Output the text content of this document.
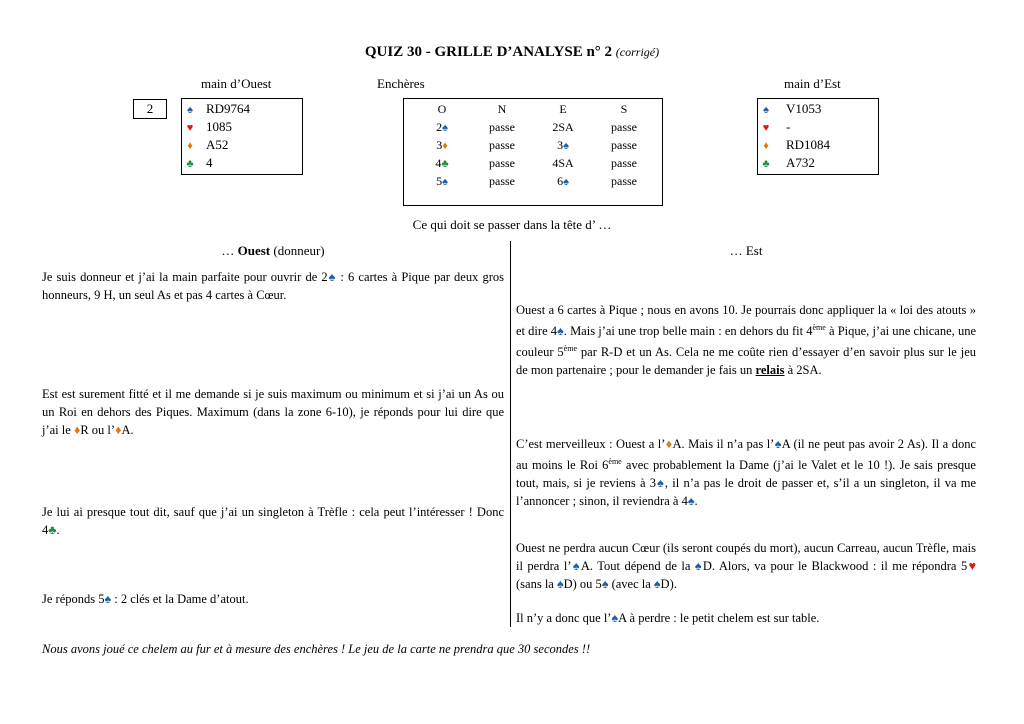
QUIZ 30 - GRILLE D’ANALYSE n° 2 (corrigé)
main d’Ouest
2	♠ RD9764
♥ 1085
♦ A52
♣ 4
Enchères
O	N	E	S
2♠	passe	2SA	passe
3♦	passe	3♠	passe
4♣	passe	4SA	passe
5♠	passe	6♠	passe
main d’Est
♠ V1053
♥ -
♦ RD1084
♣ A732
Ce qui doit se passer dans la tête d’ …
… Ouest (donneur)	… Est
Je suis donneur et j’ai la main parfaite pour ouvrir de 2♠ : 6 cartes à Pique par deux gros honneurs, 9 H, un seul As et pas 4 cartes à Cœur.
Est est surement fitté et il me demande si je suis maximum ou minimum et si j’ai un As ou un Roi en dehors des Piques. Maximum (dans la zone 6-10), je réponds pour lui dire que j’ai le ♦R ou l’♦A.
Je lui ai presque tout dit, sauf que j’ai un singleton à Trèfle : cela peut l’intéresser ! Donc 4♣.
Je réponds 5♠ : 2 clés et la Dame d’atout.
Ouest a 6 cartes à Pique ; nous en avons 10. Je pourrais donc appliquer la « loi des atouts » et dire 4♠. Mais j’ai une trop belle main : en dehors du fit 4ème à Pique, j’ai une chicane, une couleur 5ème par R-D et un As. Cela ne me coûte rien d’essayer d’en savoir plus sur le jeu de mon partenaire ; pour le demander je fais un relais à 2SA.
C’est merveilleux : Ouest a l’♦A. Mais il n’a pas l’♠A (il ne peut pas avoir 2 As). Il a donc au moins le Roi 6ème avec probablement la Dame (j’ai le Valet et le 10 !). Je sais presque tout, mais, si je reviens à 3♠, il n’a pas le droit de passer et, s’il a un singleton, il va me l’annoncer ; sinon, il reviendra à 4♠.
Ouest ne perdra aucun Cœur (ils seront coupés du mort), aucun Carreau, aucun Trèfle, mais il perdra l’♠A. Tout dépend de la ♠D. Alors, va pour le Blackwood : il me répondra 5♥ (sans la ♠D) ou 5♠ (avec la ♠D).
Il n’y a donc que l’♠A à perdre : le petit chelem est sur table.
Nous avons joué ce chelem au fur et à mesure des enchères ! Le jeu de la carte ne prendra que 30 secondes !!
